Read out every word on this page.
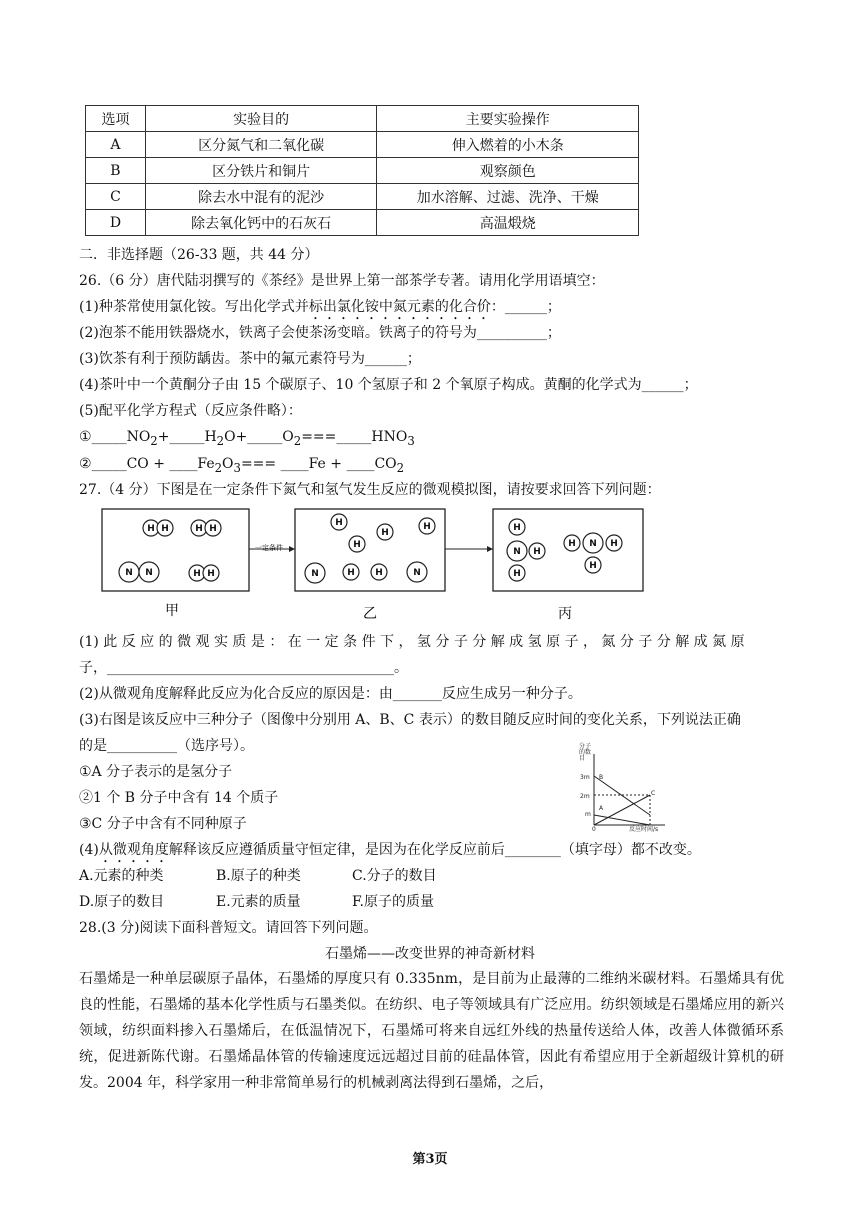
选项	实验目的	主要实验操作
A	区分氮气和二氧化碳	伸入燃着的小木条
B	区分铁片和铜片	观察颜色
C	除去水中混有的泥沙	加水溶解、过滤、洗净、干燥
D	除去氧化钙中的石灰石	高温煅烧
二．非选择题（26-33 题，共 44 分）
26.（6 分）唐代陆羽撰写的《茶经》是世界上第一部茶学专著。请用化学用语填空：
(1)种茶常使用氯化铵。写出化学式并标出氯化铵中氮元素的化合价：______；
(2)泡茶不能用铁器烧水，铁离子会使茶汤变暗。铁离子的符号为__________；
(3)饮茶有利于预防龋齿。茶中的氟元素符号为______；
(4)茶叶中一个黄酮分子由 15 个碳原子、10 个氢原子和 2 个氧原子构成。黄酮的化学式为______；
(5)配平化学方程式（反应条件略）：
$①\_\_\_\_\_NO_2+\_\_\_\_\_H_2O+\_\_\_\_\_O_2===\_\_\_\_\_HNO_3$
②_____CO + $\_\_\_\_Fe_2O_3===$ ____Fe + $\_\_\_\_CO_2$
27.（4 分）下图是在一定条件下氮气和氢气发生反应的微观模拟图，请按要求回答下列问题：
一定条件
H H	H H
N N	H H
H
H
H
H
N	H H	N
H
N H
H
H N H
H
甲	乙	丙
(1) 此 反 应 的 微 观 实 质 是 ： 在 一 定 条 件 下 ， 氢 分 子 分 解 成 氢 原 子 ， 氮 分 子 分 解 成 氮 原
子，_________________________________________。
(2)从微观角度解释此反应为化合反应的原因是：由_______反应生成另一种分子。
(3)右图是该反应中三种分子（图像中分别用 A、B、C 表示）的数目随反应时间的变化关系，下列说法正确
的是__________（选序号）。
①A 分子表示的是氢分子
②1 个 B 分子中含有 14 个质子
③C 分子中含有不同种原子
分子
的数
目
3m
2m
m
0	反应时间/s
B
A
C
(4)从微观角度解释该反应遵循质量守恒定律，是因为在化学反应前后________（填字母）都不改变。
A.元素的种类	B.原子的种类	C.分子的数目
D.原子的数目	E.元素的质量	F.原子的质量
28.(3 分)阅读下面科普短文。请回答下列问题。
石墨烯——改变世界的神奇新材料
石墨烯是一种单层碳原子晶体，石墨烯的厚度只有 0.335nm，是目前为止最薄的二维纳米碳材料。石墨烯具有优良的性能，石墨烯的基本化学性质与石墨类似。在纺织、电子等领域具有广泛应用。纺织领域是石墨烯应用的新兴领域，纺织面料掺入石墨烯后，在低温情况下，石墨烯可将来自远红外线的热量传送给人体，改善人体微循环系统，促进新陈代谢。石墨烯晶体管的传输速度远远超过目前的硅晶体管，因此有希望应用于全新超级计算机的研发。2004 年，科学家用一种非常简单易行的机械剥离法得到石墨烯，之后，
第3页
